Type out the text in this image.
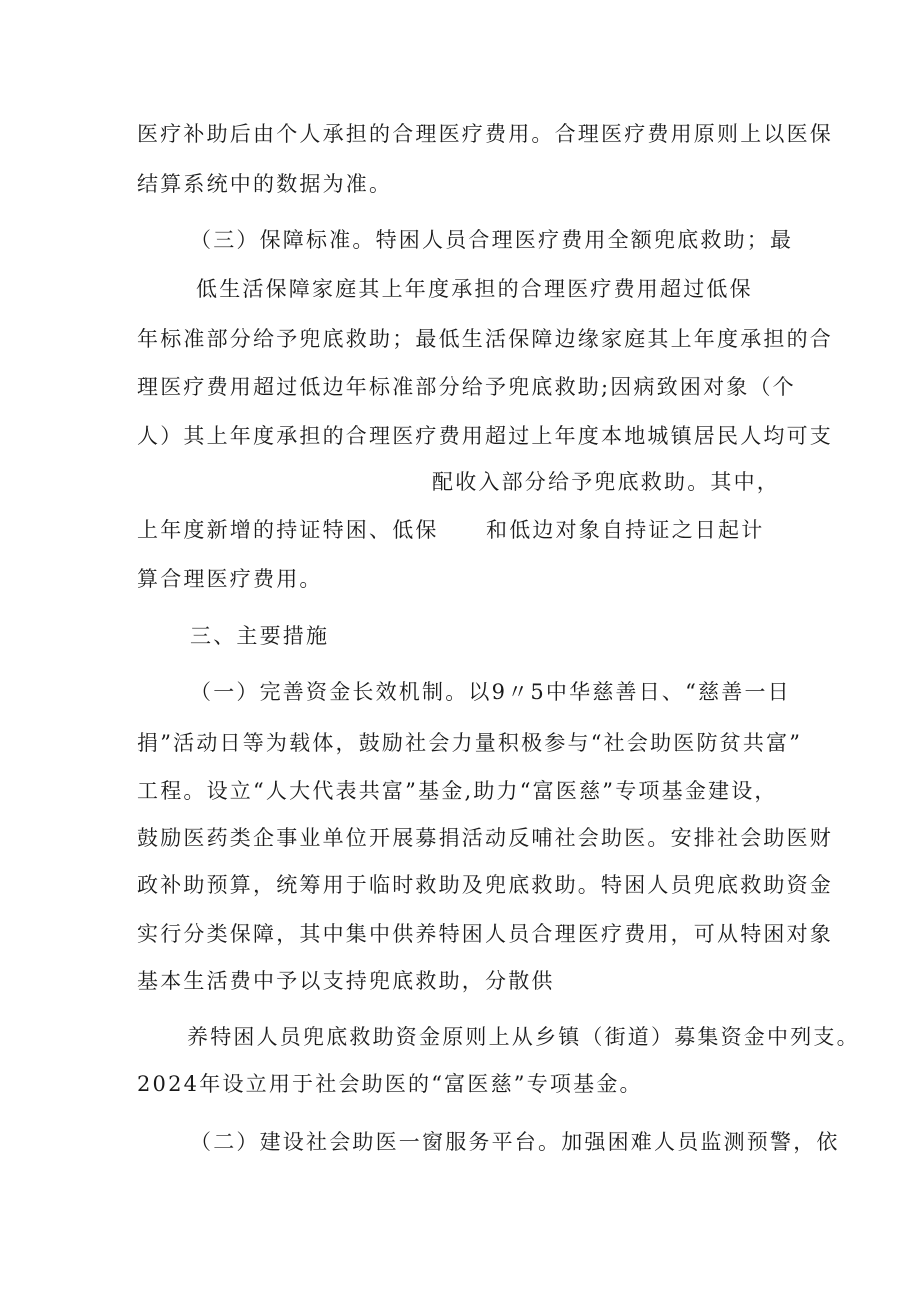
医疗补助后由个人承担的合理医疗费用。合理医疗费用原则上以医保
结算系统中的数据为准。
（三）保障标准。特困人员合理医疗费用全额兜底救助；最
低生活保障家庭其上年度承担的合理医疗费用超过低保
年标准部分给予兜底救助；最低生活保障边缘家庭其上年度承担的合
理医疗费用超过低边年标准部分给予兜底救助;因病致困对象（个
人）其上年度承担的合理医疗费用超过上年度本地城镇居民人均可支
配收入部分给予兜底救助。其中，
上年度新增的持证特困、低保 和低边对象自持证之日起计
算合理医疗费用。
三、主要措施
（一）完善资金长效机制。以9〃5中华慈善日、“慈善一日
捐”活动日等为载体，鼓励社会力量积极参与“社会助医防贫共富”
工程。设立“人大代表共富”基金,助力“富医慈”专项基金建设，
鼓励医药类企事业单位开展募捐活动反哺社会助医。安排社会助医财
政补助预算，统筹用于临时救助及兜底救助。特困人员兜底救助资金
实行分类保障，其中集中供养特困人员合理医疗费用，可从特困对象
基本生活费中予以支持兜底救助，分散供
养特困人员兜底救助资金原则上从乡镇（街道）募集资金中列支。
2024年设立用于社会助医的“富医慈”专项基金。
（二）建设社会助医一窗服务平台。加强困难人员监测预警，依
